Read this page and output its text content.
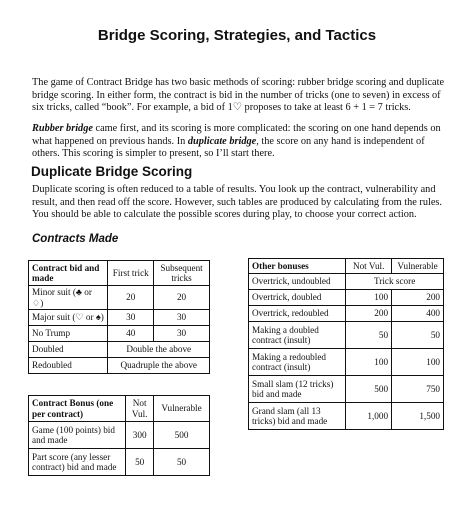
Bridge Scoring, Strategies, and Tactics

The game of Contract Bridge has two basic methods of scoring: rubber bridge scoring and duplicate bridge scoring. In either form, the contract is bid in the number of tricks (one to seven) in excess of six tricks, called “book”. For example, a bid of 1♡ proposes to take at least 6 + 1 = 7 tricks.

Rubber bridge came first, and its scoring is more complicated: the scoring on one hand depends on what happened on previous hands. In duplicate bridge, the score on any hand is independent of others. This scoring is simpler to present, so I’ll start there.

Duplicate Bridge Scoring

Duplicate scoring is often reduced to a table of results. You look up the contract, vulnerability and result, and then read off the score. However, such tables are produced by calculating from the rules. You should be able to calculate the possible scores during play, to choose your correct action.

Contracts Made
Contract bid and made	First trick	Subsequent tricks
Minor suit (♣ or ♢)	20	20
Major suit (♡ or ♠)	30	30
No Trump	40	30
Doubled	Double the above	
Redoubled	Quadruple the above	
Contract Bonus (one per contract)	Not Vul.	Vulnerable
Game (100 points) bid and made	300	500
Part score (any lesser contract) bid and made	50	50
Other bonuses	Not Vul.	Vulnerable
Overtrick, undoubled	Trick score	
Overtrick, doubled	100	200
Overtrick, redoubled	200	400
Making a doubled contract (insult)	50	50
Making a redoubled contract (insult)	100	100
Small slam (12 tricks) bid and made	500	750
Grand slam (all 13 tricks) bid and made	1,000	1,500
